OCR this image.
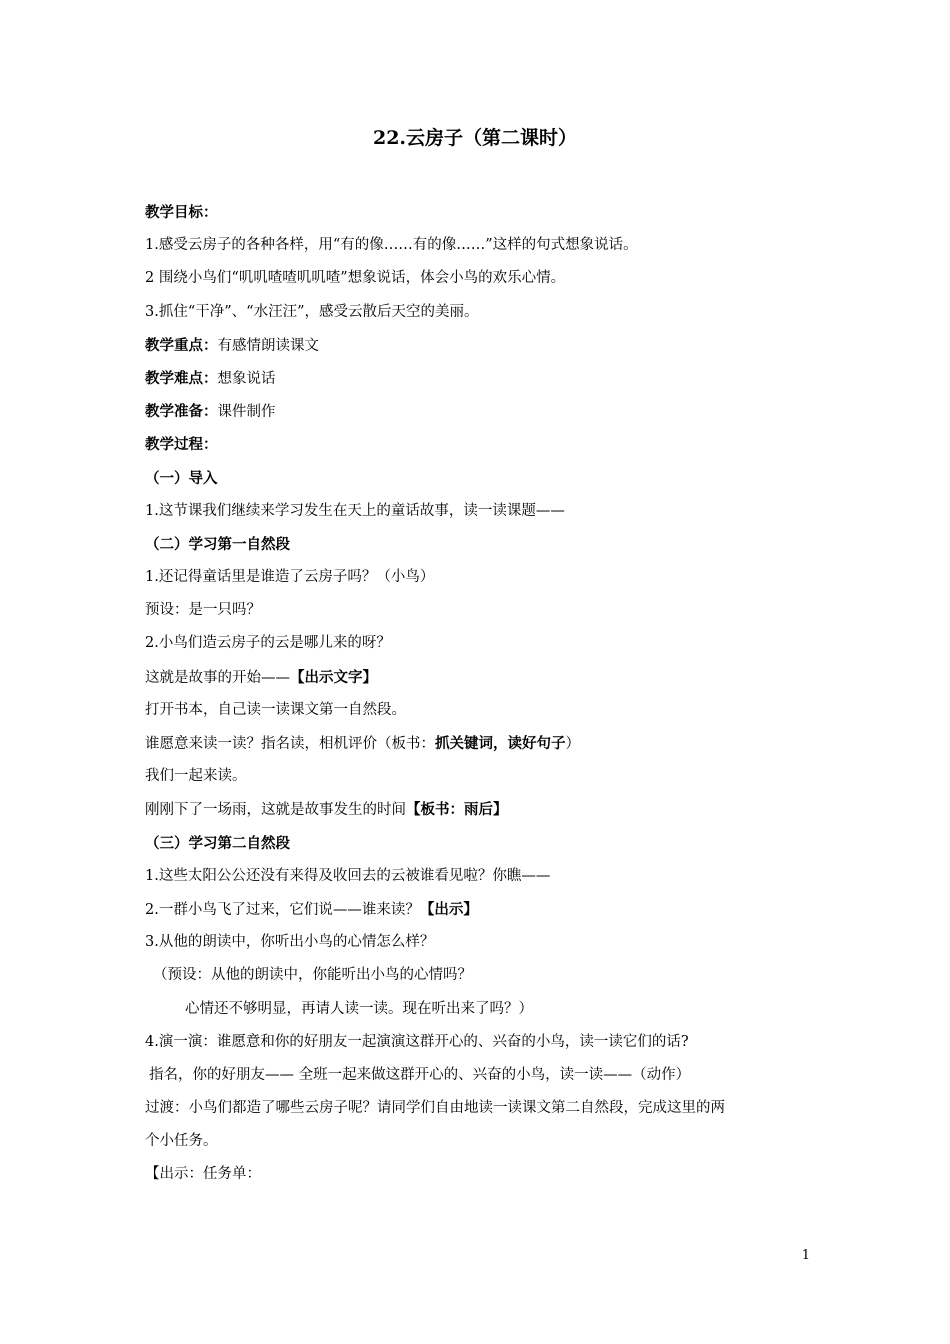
22.云房子（第二课时）
教学目标：
1.感受云房子的各种各样，用“有的像……有的像……”这样的句式想象说话。
2 围绕小鸟们“叽叽喳喳叽叽喳”想象说话，体会小鸟的欢乐心情。
3.抓住“干净”、“水汪汪”，感受云散后天空的美丽。
教学重点：有感情朗读课文
教学难点：想象说话
教学准备：课件制作
教学过程：
（一）导入
1.这节课我们继续来学习发生在天上的童话故事，读一读课题——
（二）学习第一自然段
1.还记得童话里是谁造了云房子吗？（小鸟）
预设：是一只吗？
2.小鸟们造云房子的云是哪儿来的呀？
这就是故事的开始——【出示文字】
打开书本，自己读一读课文第一自然段。
谁愿意来读一读？指名读，相机评价（板书：抓关键词，读好句子）
我们一起来读。
刚刚下了一场雨，这就是故事发生的时间【板书：雨后】
（三）学习第二自然段
1.这些太阳公公还没有来得及收回去的云被谁看见啦？你瞧——
2.一群小鸟飞了过来，它们说——谁来读？【出示】
3.从他的朗读中，你听出小鸟的心情怎么样？
（预设：从他的朗读中，你能听出小鸟的心情吗？
心情还不够明显，再请人读一读。现在听出来了吗？）
4.演一演：谁愿意和你的好朋友一起演演这群开心的、兴奋的小鸟，读一读它们的话?
指名，你的好朋友—— 全班一起来做这群开心的、兴奋的小鸟，读一读——（动作）
过渡：小鸟们都造了哪些云房子呢？请同学们自由地读一读课文第二自然段，完成这里的两
个小任务。
【出示：任务单：
1
